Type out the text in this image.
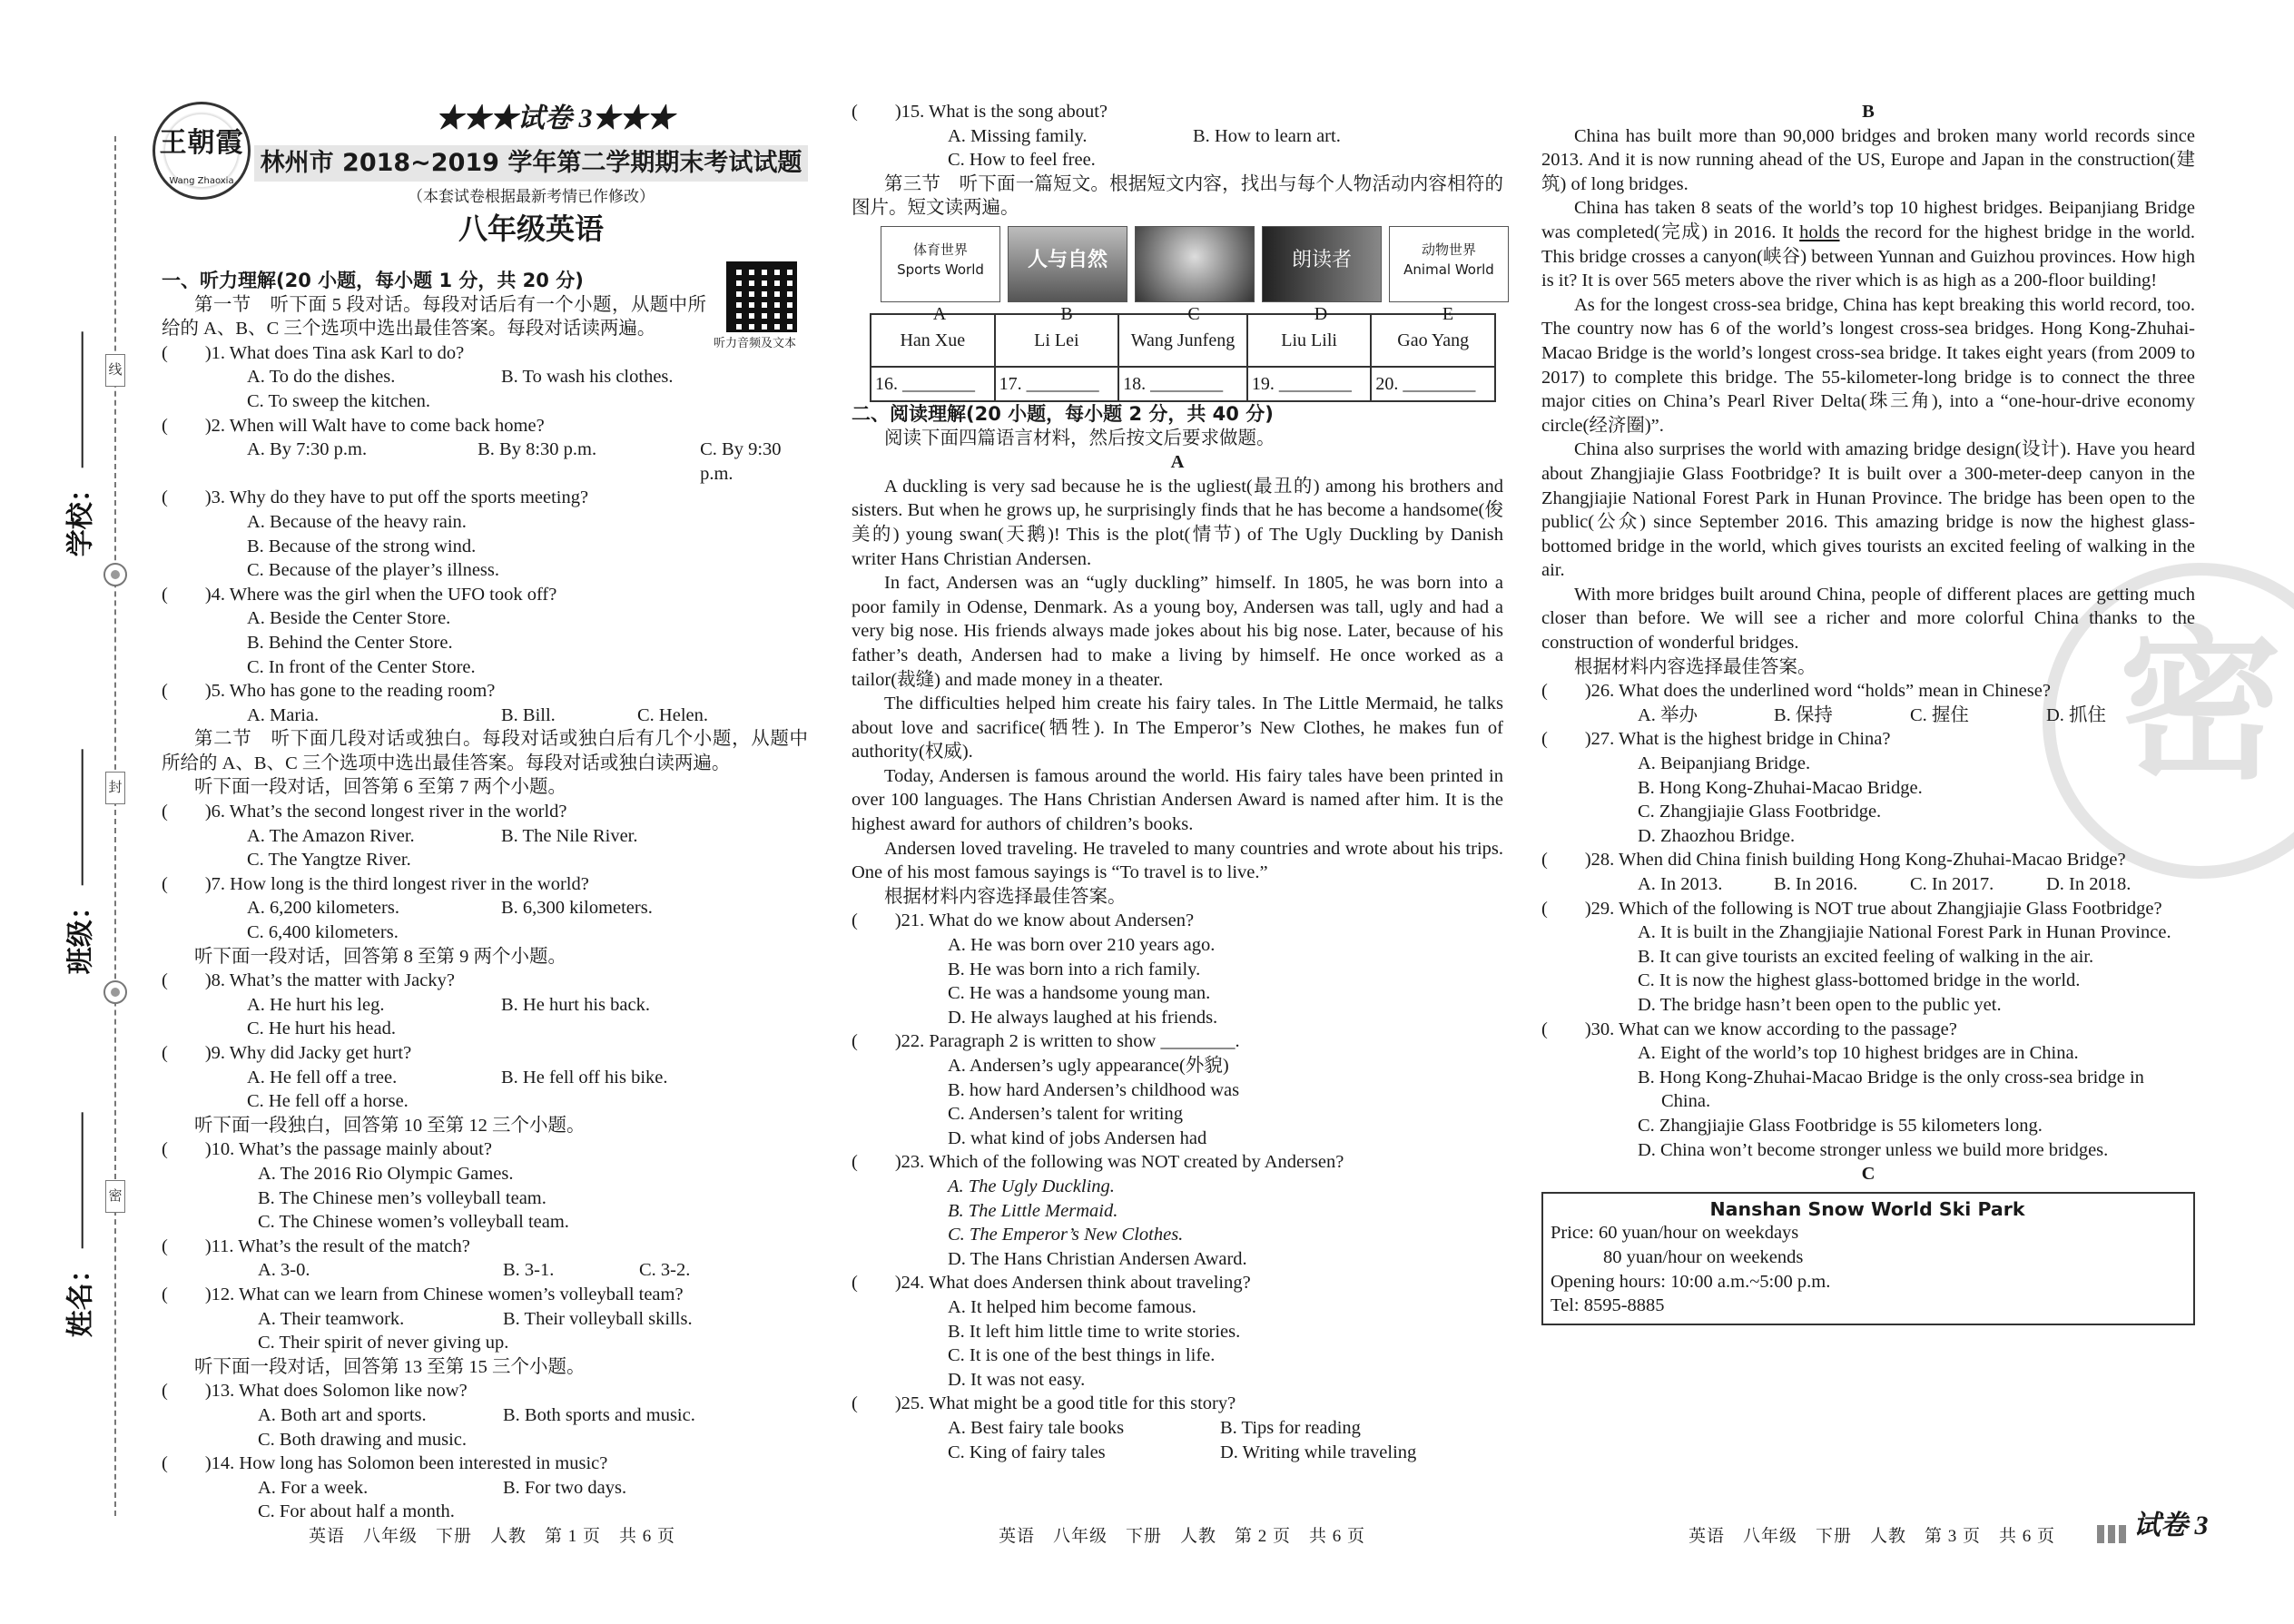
线
封
密
学校：
班级：
姓名：
王朝霞
Wang Zhaoxia
★★★试卷 3★★★
林州市 2018~2019 学年第二学期期末考试试题
（本套试卷根据最新考情已作修改）
八年级英语
听力音频及文本
一、听力理解(20 小题，每小题 1 分，共 20 分)
第一节　听下面 5 段对话。每段对话后有一个小题，从题中所给的 A、B、C 三个选项中选出最佳答案。每段对话读两遍。
(　　)1. What does Tina ask Karl to do?
A. To do the dishes.	B. To wash his clothes.
C. To sweep the kitchen.
(　　)2. When will Walt have to come back home?
A. By 7:30 p.m.	B. By 8:30 p.m.	C. By 9:30 p.m.
(　　)3. Why do they have to put off the sports meeting?
A. Because of the heavy rain.
B. Because of the strong wind.
C. Because of the player’s illness.
(　　)4. Where was the girl when the UFO took off?
A. Beside the Center Store.
B. Behind the Center Store.
C. In front of the Center Store.
(　　)5. Who has gone to the reading room?
A. Maria.	B. Bill.	C. Helen.
第二节　听下面几段对话或独白。每段对话或独白后有几个小题，从题中所给的 A、B、C 三个选项中选出最佳答案。每段对话或独白读两遍。
听下面一段对话，回答第 6 至第 7 两个小题。
(　　)6. What’s the second longest river in the world?
A. The Amazon River.	B. The Nile River.
C. The Yangtze River.
(　　)7. How long is the third longest river in the world?
A. 6,200 kilometers.	B. 6,300 kilometers.
C. 6,400 kilometers.
听下面一段对话，回答第 8 至第 9 两个小题。
(　　)8. What’s the matter with Jacky?
A. He hurt his leg.	B. He hurt his back.
C. He hurt his head.
(　　)9. Why did Jacky get hurt?
A. He fell off a tree.	B. He fell off his bike.
C. He fell off a horse.
听下面一段独白，回答第 10 至第 12 三个小题。
(　　)10. What’s the passage mainly about?
A. The 2016 Rio Olympic Games.
B. The Chinese men’s volleyball team.
C. The Chinese women’s volleyball team.
(　　)11. What’s the result of the match?
A. 3-0.	B. 3-1.	C. 3-2.
(　　)12. What can we learn from Chinese women’s volleyball team?
A. Their teamwork.	B. Their volleyball skills.
C. Their spirit of never giving up.
听下面一段对话，回答第 13 至第 15 三个小题。
(　　)13. What does Solomon like now?
A. Both art and sports.	B. Both sports and music.
C. Both drawing and music.
(　　)14. How long has Solomon been interested in music?
A. For a week.	B. For two days.
C. For about half a month.
(　　)15. What is the song about?
A. Missing family.	B. How to learn art.
C. How to feel free.
第三节　听下面一篇短文。根据短文内容，找出与每个人物活动内容相符的图片。短文读两遍。
体育世界
Sports World
A
人与自然
B	C
朗读者
D
动物世界
Animal World
E
Han Xue	Li Lei	Wang Junfeng	Liu Lili	Gao Yang
16. ________	17. ________	18. ________	19. ________	20. ________
二、阅读理解(20 小题，每小题 2 分，共 40 分)
阅读下面四篇语言材料，然后按文后要求做题。
A
A duckling is very sad because he is the ugliest(最丑的) among his brothers and sisters. But when he grows up, he surprisingly finds that he has become a handsome(俊美的) young swan(天鹅)! This is the plot(情节) of The Ugly Duckling by Danish writer Hans Christian Andersen.
In fact, Andersen was an “ugly duckling” himself. In 1805, he was born into a poor family in Odense, Denmark. As a young boy, Andersen was tall, ugly and had a very big nose. His friends always made jokes about his big nose. Later, because of his father’s death, Andersen had to make a living by himself. He once worked as a tailor(裁缝) and made money in a theater.
The difficulties helped him create his fairy tales. In The Little Mermaid, he talks about love and sacrifice(牺牲). In The Emperor’s New Clothes, he makes fun of authority(权威).
Today, Andersen is famous around the world. His fairy tales have been printed in over 100 languages. The Hans Christian Andersen Award is named after him. It is the highest award for authors of children’s books.
Andersen loved traveling. He traveled to many countries and wrote about his trips. One of his most famous sayings is “To travel is to live.”
根据材料内容选择最佳答案。
(　　)21. What do we know about Andersen?
A. He was born over 210 years ago.
B. He was born into a rich family.
C. He was a handsome young man.
D. He always laughed at his friends.
(　　)22. Paragraph 2 is written to show ________.
A. Andersen’s ugly appearance(外貌)
B. how hard Andersen’s childhood was
C. Andersen’s talent for writing
D. what kind of jobs Andersen had
(　　)23. Which of the following was NOT created by Andersen?
A. The Ugly Duckling.
B. The Little Mermaid.
C. The Emperor’s New Clothes.
D. The Hans Christian Andersen Award.
(　　)24. What does Andersen think about traveling?
A. It helped him become famous.
B. It left him little time to write stories.
C. It is one of the best things in life.
D. It was not easy.
(　　)25. What might be a good title for this story?
A. Best fairy tale books	B. Tips for reading
C. King of fairy tales	D. Writing while traveling
密
B
China has built more than 90,000 bridges and broken many world records since 2013. And it is now running ahead of the US, Europe and Japan in the construction(建筑) of long bridges.
China has taken 8 seats of the world’s top 10 highest bridges. Beipanjiang Bridge was completed(完成) in 2016. It holds the record for the highest bridge in the world. This bridge crosses a canyon(峡谷) between Yunnan and Guizhou provinces. How high is it? It is over 565 meters above the river which is as high as a 200-floor building!
As for the longest cross-sea bridge, China has kept breaking this world record, too. The country now has 6 of the world’s longest cross-sea bridges. Hong Kong-Zhuhai-Macao Bridge is the world’s longest cross-sea bridge. It takes eight years (from 2009 to 2017) to complete this bridge. The 55-kilometer-long bridge is to connect the three major cities on China’s Pearl River Delta(珠三角), into a “one-hour-drive economy circle(经济圈)”.
China also surprises the world with amazing bridge design(设计). Have you heard about Zhangjiajie Glass Footbridge? It is built over a 300-meter-deep canyon in the Zhangjiajie National Forest Park in Hunan Province. The bridge has been open to the public(公众) since September 2016. This amazing bridge is now the highest glass-bottomed bridge in the world, which gives tourists an excited feeling of walking in the air.
With more bridges built around China, people of different places are getting much closer than before. We will see a richer and more colorful China thanks to the construction of wonderful bridges.
根据材料内容选择最佳答案。
(　　)26. What does the underlined word “holds” mean in Chinese?
A. 举办	B. 保持	C. 握住	D. 抓住
(　　)27. What is the highest bridge in China?
A. Beipanjiang Bridge.
B. Hong Kong-Zhuhai-Macao Bridge.
C. Zhangjiajie Glass Footbridge.
D. Zhaozhou Bridge.
(　　)28. When did China finish building Hong Kong-Zhuhai-Macao Bridge?
A. In 2013.	B. In 2016.	C. In 2017.	D. In 2018.
(　　)29. Which of the following is NOT true about Zhangjiajie Glass Footbridge?
A. It is built in the Zhangjiajie National Forest Park in Hunan Province.
B. It can give tourists an excited feeling of walking in the air.
C. It is now the highest glass-bottomed bridge in the world.
D. The bridge hasn’t been open to the public yet.
(　　)30. What can we know according to the passage?
A. Eight of the world’s top 10 highest bridges are in China.
B. Hong Kong-Zhuhai-Macao Bridge is the only cross-sea bridge in China.
C. Zhangjiajie Glass Footbridge is 55 kilometers long.
D. China won’t become stronger unless we build more bridges.
C
Nanshan Snow World Ski Park
Price: 60 yuan/hour on weekdays
80 yuan/hour on weekends
Opening hours: 10:00 a.m.~5:00 p.m.
Tel: 8595-8885
英语　八年级　下册　人教　第 1 页　共 6 页	英语　八年级　下册　人教　第 2 页　共 6 页	英语　八年级　下册　人教　第 3 页　共 6 页	试卷 3
